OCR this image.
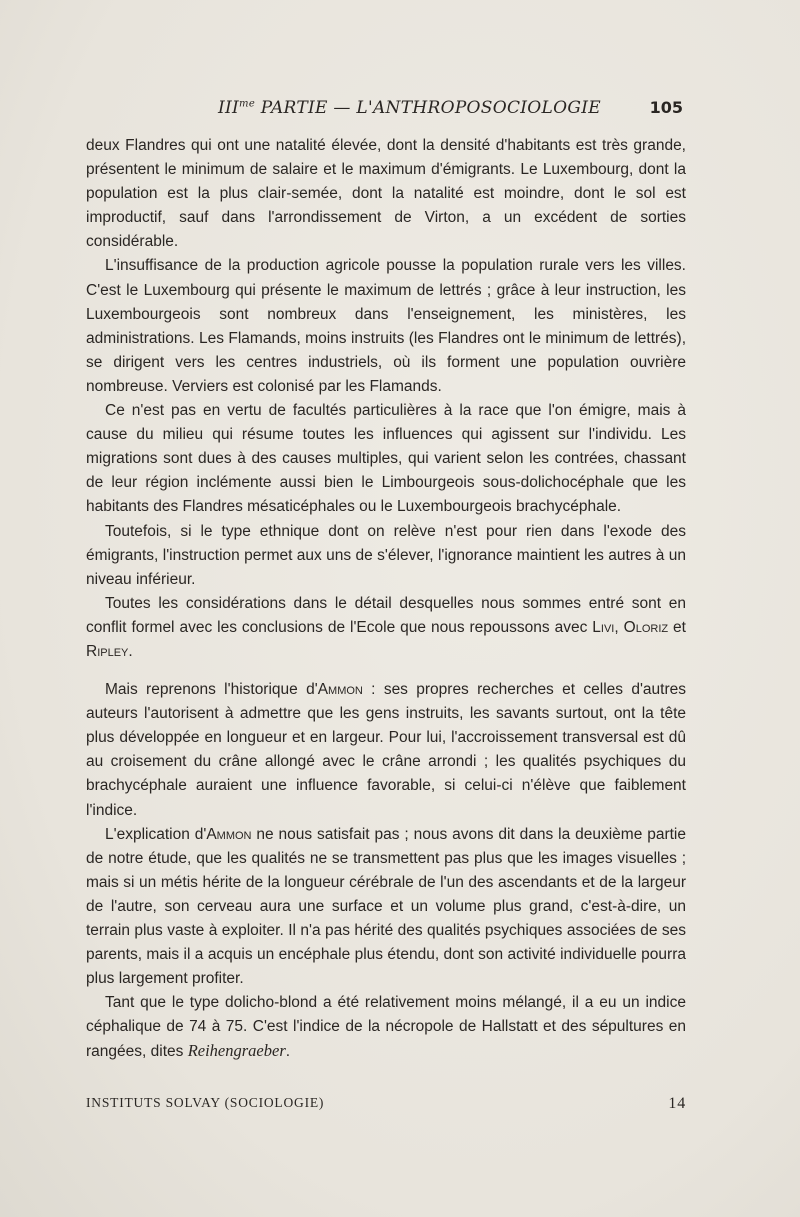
$III^{me}$ PARTIE — L'ANTHROPOSOCIOLOGIE	105

deux Flandres qui ont une natalité élevée, dont la densité d'habitants est très grande, présentent le minimum de salaire et le maximum d'émigrants. Le Luxembourg, dont la population est la plus clair-semée, dont la natalité est moindre, dont le sol est improductif, sauf dans l'arrondissement de Virton, a un excédent de sorties considérable.

L'insuffisance de la production agricole pousse la population rurale vers les villes. C'est le Luxembourg qui présente le maximum de lettrés ; grâce à leur instruction, les Luxembourgeois sont nombreux dans l'enseignement, les ministères, les administrations. Les Flamands, moins instruits (les Flandres ont le minimum de lettrés), se dirigent vers les centres industriels, où ils forment une population ouvrière nombreuse. Verviers est colonisé par les Flamands.

Ce n'est pas en vertu de facultés particulières à la race que l'on émigre, mais à cause du milieu qui résume toutes les influences qui agissent sur l'individu. Les migrations sont dues à des causes multiples, qui varient selon les contrées, chassant de leur région inclémente aussi bien le Limbourgeois sous-dolichocéphale que les habitants des Flandres mésaticéphales ou le Luxembourgeois brachycéphale.

Toutefois, si le type ethnique dont on relève n'est pour rien dans l'exode des émigrants, l'instruction permet aux uns de s'élever, l'ignorance maintient les autres à un niveau inférieur.

Toutes les considérations dans le détail desquelles nous sommes entré sont en conflit formel avec les conclusions de l'Ecole que nous repoussons avec Livi, Oloriz et Ripley.

Mais reprenons l'historique d'Ammon : ses propres recherches et celles d'autres auteurs l'autorisent à admettre que les gens instruits, les savants surtout, ont la tête plus développée en longueur et en largeur. Pour lui, l'accroissement transversal est dû au croisement du crâne allongé avec le crâne arrondi ; les qualités psychiques du brachycéphale auraient une influence favorable, si celui-ci n'élève que faiblement l'indice.

L'explication d'Ammon ne nous satisfait pas ; nous avons dit dans la deuxième partie de notre étude, que les qualités ne se transmettent pas plus que les images visuelles ; mais si un métis hérite de la longueur cérébrale de l'un des ascendants et de la largeur de l'autre, son cerveau aura une surface et un volume plus grand, c'est-à-dire, un terrain plus vaste à exploiter. Il n'a pas hérité des qualités psychiques associées de ses parents, mais il a acquis un encéphale plus étendu, dont son activité individuelle pourra plus largement profiter.

Tant que le type dolicho-blond a été relativement moins mélangé, il a eu un indice céphalique de 74 à 75. C'est l'indice de la nécropole de Hallstatt et des sépultures en rangées, dites Reihengraeber.

INSTITUTS SOLVAY (SOCIOLOGIE)	14
